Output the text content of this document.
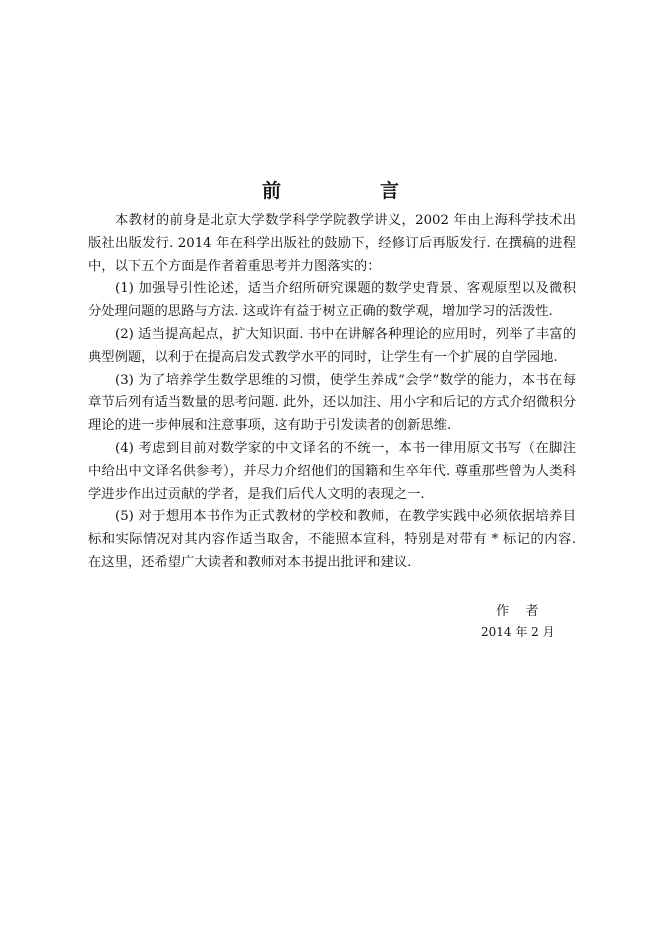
前　言

本教材的前身是北京大学数学科学学院教学讲义，2002 年由上海科学技术出版社出版发行. 2014 年在科学出版社的鼓励下，经修订后再版发行. 在撰稿的进程中，以下五个方面是作者着重思考并力图落实的：

(1) 加强导引性论述，适当介绍所研究课题的数学史背景、客观原型以及微积分处理问题的思路与方法. 这或许有益于树立正确的数学观，增加学习的活泼性.

(2) 适当提高起点，扩大知识面. 书中在讲解各种理论的应用时，列举了丰富的典型例题，以利于在提高启发式教学水平的同时，让学生有一个扩展的自学园地.

(3) 为了培养学生数学思维的习惯，使学生养成“会学”数学的能力，本书在每章节后列有适当数量的思考问题. 此外，还以加注、用小字和后记的方式介绍微积分理论的进一步伸展和注意事项，这有助于引发读者的创新思维.

(4) 考虑到目前对数学家的中文译名的不统一，本书一律用原文书写（在脚注中给出中文译名供参考），并尽力介绍他们的国籍和生卒年代. 尊重那些曾为人类科学进步作出过贡献的学者，是我们后代人文明的表现之一.

(5) 对于想用本书作为正式教材的学校和教师，在教学实践中必须依据培养目标和实际情况对其内容作适当取舍，不能照本宣科，特别是对带有 * 标记的内容. 在这里，还希望广大读者和教师对本书提出批评和建议.

作者
2014 年 2 月
